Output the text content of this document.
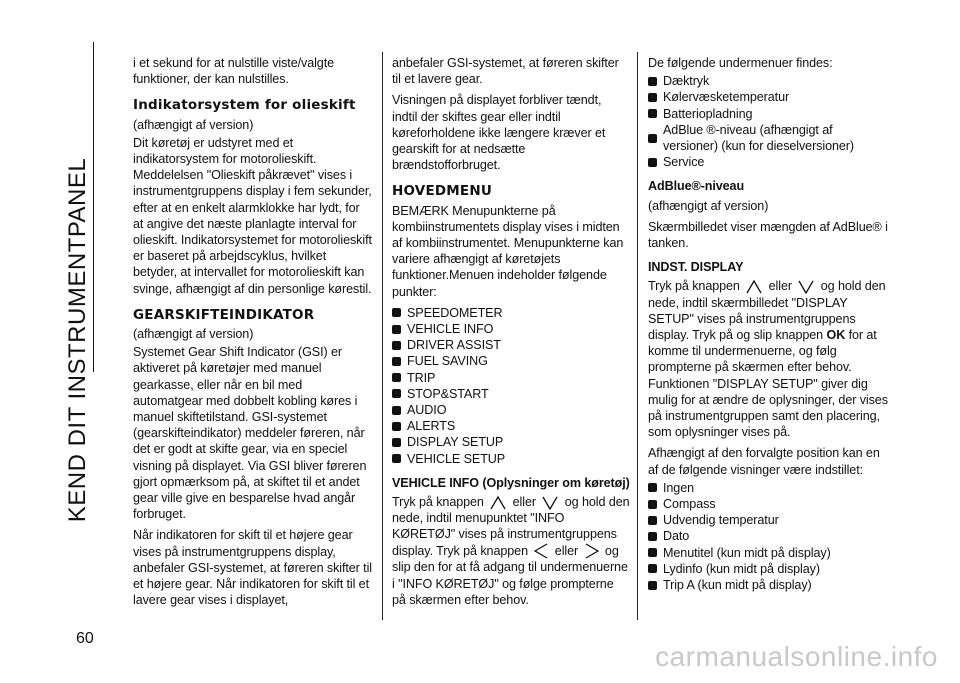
KEND DIT INSTRUMENTPANEL
60

i et sekund for at nulstille viste/valgte funktioner, der kan nulstilles.

Indikatorsystem for olieskift

(afhængigt af version)

Dit køretøj er udstyret med et indikatorsystem for motorolieskift. Meddelelsen "Olieskift påkrævet" vises i instrumentgruppens display i fem sekunder, efter at en enkelt alarmklokke har lydt, for at angive det næste planlagte interval for olieskift. Indikatorsystemet for motorolieskift er baseret på arbejdscyklus, hvilket betyder, at intervallet for motorolieskift kan svinge, afhængigt af din personlige kørestil.

GEARSKIFTEINDIKATOR

(afhængigt af version)

Systemet Gear Shift Indicator (GSI) er aktiveret på køretøjer med manuel gearkasse, eller når en bil med automatgear med dobbelt kobling køres i manuel skiftetilstand. GSI-systemet (gearskifteindikator) meddeler føreren, når det er godt at skifte gear, via en speciel visning på displayet. Via GSI bliver føreren gjort opmærksom på, at skiftet til et andet gear ville give en besparelse hvad angår forbruget.

Når indikatoren for skift til et højere gear vises på instrumentgruppens display, anbefaler GSI-systemet, at føreren skifter til et højere gear. Når indikatoren for skift til et lavere gear vises i displayet,

anbefaler GSI-systemet, at føreren skifter til et lavere gear.

Visningen på displayet forbliver tændt, indtil der skiftes gear eller indtil køreforholdene ikke længere kræver et gearskift for at nedsætte brændstofforbruget.

HOVEDMENU

BEMÆRK Menupunkterne på kombiinstrumentets display vises i midten af kombiinstrumentet. Menupunkterne kan variere afhængigt af køretøjets funktioner.Menuen indeholder følgende punkter:

SPEEDOMETER
VEHICLE INFO
DRIVER ASSIST
FUEL SAVING
TRIP
STOP&START
AUDIO
ALERTS
DISPLAY SETUP
VEHICLE SETUP
VEHICLE INFO (Oplysninger om køretøj)

Tryk på knappen eller og hold den nede, indtil menupunktet "INFO KØRETØJ" vises på instrumentgruppens display. Tryk på knappen eller og slip den for at få adgang til undermenuerne i "INFO KØRETØJ" og følge prompterne på skærmen efter behov.

De følgende undermenuer findes:

Dæktryk
Kølervæsketemperatur
Batteriopladning
AdBlue ®-niveau (afhængigt af versioner) (kun for dieselversioner)
Service
AdBlue®-niveau

(afhængigt af version)

Skærmbilledet viser mængden af AdBlue® i tanken.

INDST. DISPLAY

Tryk på knappen eller og hold den nede, indtil skærmbilledet "DISPLAY SETUP" vises på instrumentgruppens display. Tryk på og slip knappen OK for at komme til undermenuerne, og følg prompterne på skærmen efter behov. Funktionen "DISPLAY SETUP" giver dig mulig for at ændre de oplysninger, der vises på instrumentgruppen samt den placering, som oplysninger vises på.

Afhængigt af den forvalgte position kan en af de følgende visninger være indstillet:

Ingen
Compass
Udvendig temperatur
Dato
Menutitel (kun midt på display)
Lydinfo (kun midt på display)
Trip A (kun midt på display)
carmanualsonline.info
